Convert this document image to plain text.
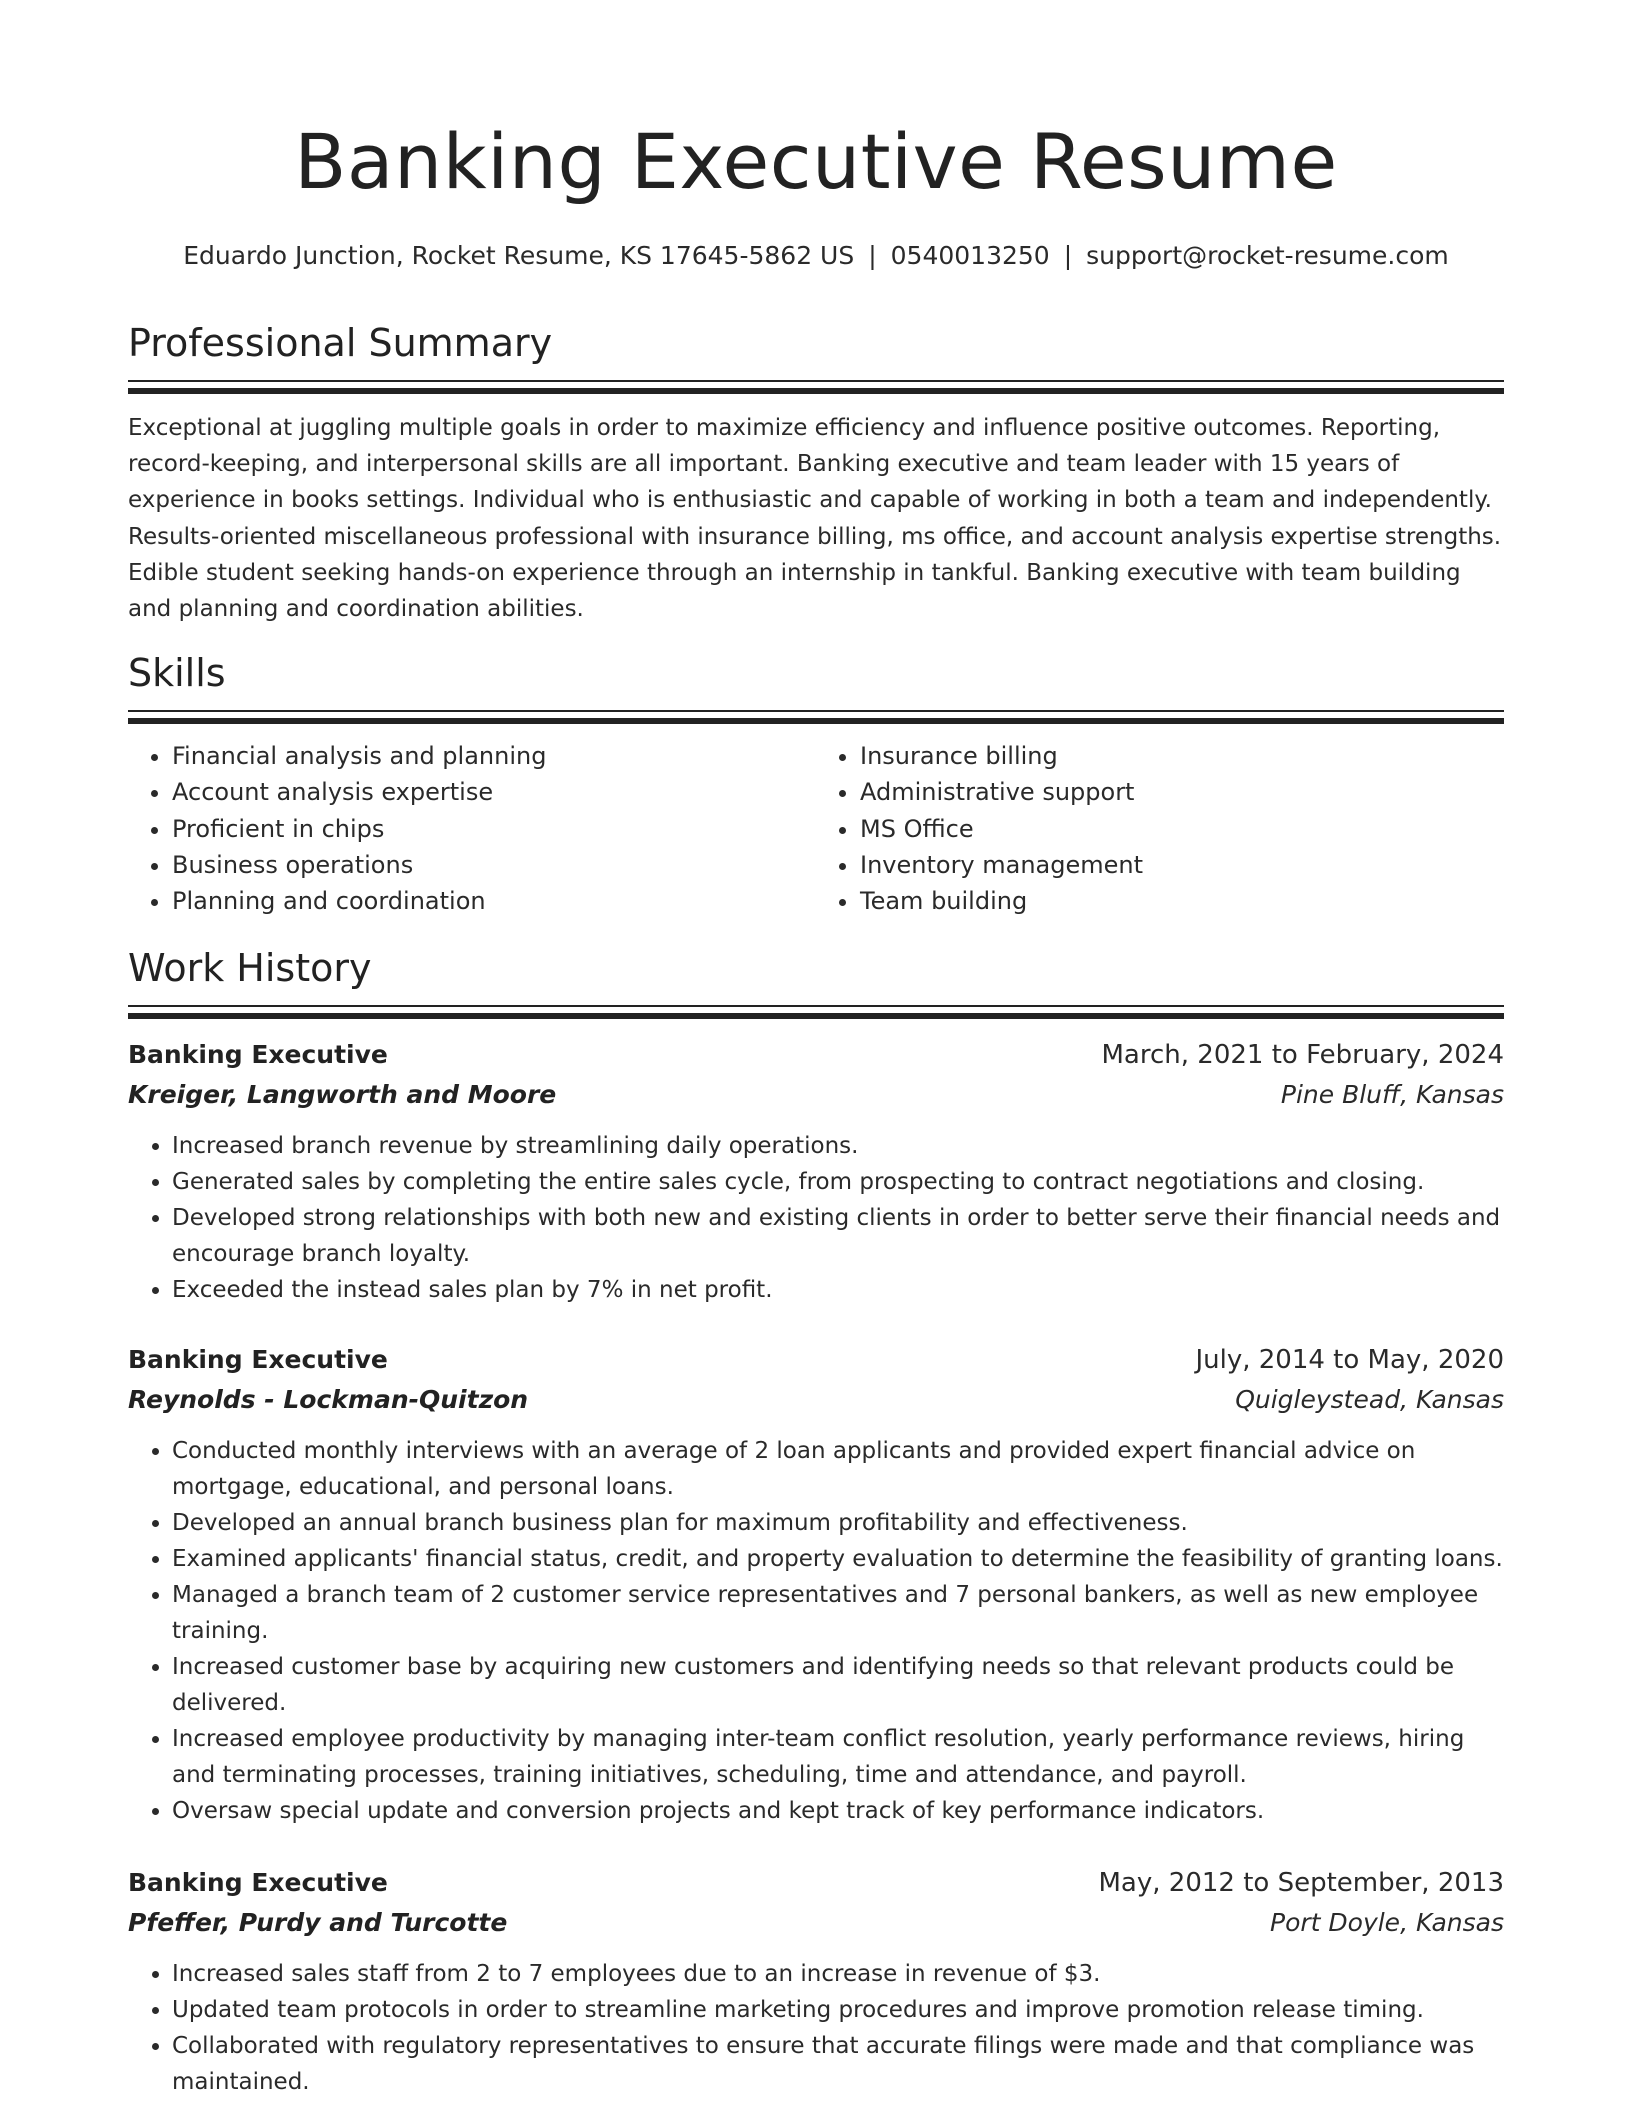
Banking Executive Resume
Eduardo Junction, Rocket Resume, KS 17645-5862 US | 0540013250 | support@rocket-resume.com
Professional Summary
Exceptional at juggling multiple goals in order to maximize efficiency and influence positive outcomes. Reporting, record-keeping, and interpersonal skills are all important. Banking executive and team leader with 15 years of experience in books settings. Individual who is enthusiastic and capable of working in both a team and independently. Results-oriented miscellaneous professional with insurance billing, ms office, and account analysis expertise strengths. Edible student seeking hands-on experience through an internship in tankful. Banking executive with team building and planning and coordination abilities.
Skills
• Financial analysis and planning
• Account analysis expertise
• Proficient in chips
• Business operations
• Planning and coordination
• Insurance billing
• Administrative support
• MS Office
• Inventory management
• Team building
Work History
Banking Executive	March, 2021 to February, 2024
Kreiger, Langworth and Moore	Pine Bluff, Kansas
• Increased branch revenue by streamlining daily operations.
• Generated sales by completing the entire sales cycle, from prospecting to contract negotiations and closing.
• Developed strong relationships with both new and existing clients in order to better serve their financial needs and encourage branch loyalty.
• Exceeded the instead sales plan by 7% in net profit.
Banking Executive	July, 2014 to May, 2020
Reynolds - Lockman-Quitzon	Quigleystead, Kansas
• Conducted monthly interviews with an average of 2 loan applicants and provided expert financial advice on mortgage, educational, and personal loans.
• Developed an annual branch business plan for maximum profitability and effectiveness.
• Examined applicants' financial status, credit, and property evaluation to determine the feasibility of granting loans.
• Managed a branch team of 2 customer service representatives and 7 personal bankers, as well as new employee training.
• Increased customer base by acquiring new customers and identifying needs so that relevant products could be delivered.
• Increased employee productivity by managing inter-team conflict resolution, yearly performance reviews, hiring and terminating processes, training initiatives, scheduling, time and attendance, and payroll.
• Oversaw special update and conversion projects and kept track of key performance indicators.
Banking Executive	May, 2012 to September, 2013
Pfeffer, Purdy and Turcotte	Port Doyle, Kansas
• Increased sales staff from 2 to 7 employees due to an increase in revenue of $3.
• Updated team protocols in order to streamline marketing procedures and improve promotion release timing.
• Collaborated with regulatory representatives to ensure that accurate filings were made and that compliance was maintained.
